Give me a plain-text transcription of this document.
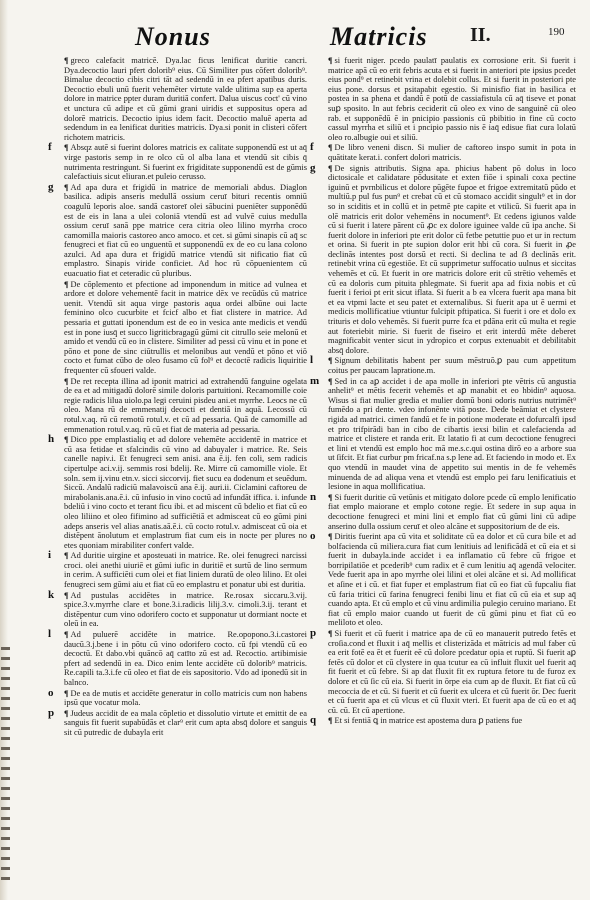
Nonus	Matricis II.	190
¶ greco calefacit matricē. Dya.lac ficus lenificat duritie cancri. Dya.decoctio lauri pfert dolorib⁹ eius. Cū Similiter pus cōfert dolorib⁹. Bimalue decoctio cibis citri tāt ad sedendū in ea pfert apatibus duris. Decoctio ebuli unū fuerit vehemēter virtute valde ulitima sup ea aperta dolore in matrice ppter duram duritiā confert. Dalua uiscus coct' cū vino et unctura cū adipe et cū gūmi grani uiridis et suppositus opera ad dolorē matricis. Decoctio ipius idem facit. Decoctio maluē aperta ad sedendum in ea lenificat durities matricis. Dya.si ponit in clisteri cōfert richotem matricis.
f ¶ Absqz autē si fuerint dolores matricis ex calitate supponendū est ut aq̄ virge pastoris semp in re olco cū ol alba lana et vtendū sit cibis q̄ nutrimenta restringunt. Si fuerint ex frigiditate supponendū est de gūmis calefactiuis sicut eliuran.et puleio cerusso.
g ¶ Ad apa dura et frigidū in matrice de memoriali abdus. Diaglon basilica. adipis anseris medullā ossium ceruī bituri recentis omniū coagulū leporis aloe. sandā castoreī olei sābucini pueniēter supponēdū est de eis in lana a ulei coloniā vtendū est ad vulvē cuius medulla ossium ceruī sanā ppe matrice cera citria oleo lilino myrrha croco camomilla maioris castoreo anco amoco. et cet. si gūmi sinapis cū aq̄ sc fenugreci et fiat cū eo unguentū et supponendū ex de eo cu lana colono azulci. Ad apa dura et frigidū matrice vtendū sit nificatio fiat cū emplastro. Sinapis viride conficiet. Ad hoc rū cōpuenientem cū euacuatio fiat et ceteradic cū pluribus.
¶ De cōplemento et pfectione ad imponendum in mitice ad vulnea et ardore et dolore vehementē facit in matrice dēx ve recūdūs cū matrice uenit. Vtendū sit aqua virge pastoris aqua ordei albūne oui lacte feminino olco cucurbite et fcicf albo et fiat clistere in matrice. Ad pessaria et guttati iponendum est de eo in vesica ante medicis et vendū est in pone iusq̄ et succo ligriticbragagū gūmi cit citrullo seie melonū et amido et vendū cū eo in clistere. Similiter ad pessi cū vinu et in pone et pōno et pone de sinc ciūtrullis et melonibus aut vendū et pōno et viō cocto et fumat cūbo de oleo fusamo cū fol⁹ et decoctē radicis liquiritie frequenter cū sfoueri valde.
¶ De ret recepta illina ad iponit matrici ad extrahendū fanguine ogelata de ea et ad mitigadū dolorē simile doloris partuitioni. Recamomille coie regie radicis lilua uiolo.pa legi ceruini pisdeu ani.et myrrhe. Leocs ne cū oleo. Mana rū de emmenatij decocti et dentiā in aquā. Lecossū cū rotul.v.aq. rū cū remotū rotul.v. et cū ad pessaria. Quā de camomille ad emmenation rotul.v.aq. rū cū et fiat de materia ad pessaria.
h ¶ Dico ppe emplastialiq et ad dolore vehemēte accidentē in matrice et cū asa fetidae et sfalcindis cū vino ad dabuyaler i matrice. Re. Seis canelle napiv.i. Et fenugreci sem anisi. ana ē.ij. fen coli, sem radicis cipertulpe aci.v.ij. semmis rosi bdelij. Re. Mirre cū camomille viole. Et soln. sem ij.vinu etn.v. sicci siccorvij. fiet sucu ea dodenum et seuēdum. Siccū. Andalū radiciū malavoiscū ana ē.ij. auri.ii. Ciclamini caftoreu de mirabolanis.ana.ē.i. cū infusio in vino coctū ad infundāt iffica. i. infunde bdeliū i vino cocto et terant ficu ibi. et ad miscent cū bdelio et fiat cū eo oleo liliino et oleo fifimino ad sufficiētiā et admisceat cū eo gūmi pini adeps anseris vel alias anatis.aā.ē.i. cū cocto rotul.v. admisceat cū oia et distēpent ānolutum et emplastrum fiat cum eis in nocte per plures no etes quoniam mirabiliter confert valde.
i ¶ Ad duritie uirgine et aposteuati in matrice. Re. olei fenugreci narcissi croci. olei anethi uiuriē et gūmi iufic in duritiē et surtū de lino sermum in cerim. A sufficiēti cum olei et fiat liniem duratū de oleo lilino. Et olei fenugreci sem gūmi aiu et fiat cū eo emplastru et ponatur ubi est duritia.
k ¶ Ad pustulas accidētes in matrice. Re.rosax siccaru.3.vij. spice.3.v.myrrhe clare et bone.3.i.radicis lilij.3.v. cimoli.3.ij. terant et distēpentur cum vino odorifero cocto et supponatur ut dormiant nocte et oleū in ea.
l ¶ Ad puluerē accidēte in matrice. Re.opopono.3.i.castorei daucū.3.j.bene i in pōtu cū vino odorifero cocto. cū fpi vtendū cū eo decoctū. Et dabo.vbi quāncō aq̄ catīto zū est ad. Recoctio. artibimisie pfert ad sedendū in ea. Dico enim lente accidēte cū dolorib⁹ matricis. Re.capili ta.3.i.fe cū oleo et fiat de eis sapositorio. Vdo ad iponedū sit in balnco.
o ¶ De ea de mutis et accidēte generatur in collo matricis cum non habens ipsū que vocatur mola.
p ¶ Judeus accidit de ea mala cōpletio et dissolutio virtute et emittit de ea sanguis fit fuerit supabūdās et clar⁹ erit cum apta absq̄ dolore et sanguis sit cū putredic de dubayla erit
¶ si fuerit niger. pcedo paulatī paulatis ex corrosione erit. Si fuerit i matrice apā cū eo erit febris acuta et si fuerit in anteriori pte ipsius pcedet eius pond⁹ et retinebit vrina et dolebit collus. Et si fuerit in posteriori pte eius pone. dorsus et psitapabit egestio. Si minisfio fiat in basilica et postea in sa phena et dandū ē potū de cassiafistula cū aq̄ tiseve et ponat suꝑ sposito. In aut febris ceciderit cū oleo ex vino de sanguinē cū oleo rab. et supponēdū ē in pnicipio passionis cū pbibitio in fine cū cocto cassul myrrha et siliū et i pncipio passio nis ē iaq̄ edisue fiat cura lolatū oleo ro.albugie oui et siliū.
f ¶ De libro veneni discn. Si mulier de caftoreo inspo sumit in pota in quātitate kerat.i. confert dolori matricis.
g ¶ De signis attributis. Signa apa. phicius habent pō dolus in loco dictosicale et calidatare pōdusitate et exten fiōe i spinali coxa pectine iguinū et pvrnbilicus et dolore pūgēte fupoe et frigoe extremitatū pūdo et multiū.p pul fus pun⁹ et crebat cū et cū stomaco accidit singult⁹ et in dor so in sciditis et in collū et in petmē pte capite et vtilicū. Si fuerit apa in olē matricis erit dolor vehemēns in nocument⁹. Et cedens igiunos valde cū si fuerit i latere pārent cū ꝓc ex dolore iguinee valde cū ipa anche. Si fuerit dolore in inferiori pte erit dolor cū fetbe petuttie puo et ur in rectum et orina. Si fuerit in pte supion dolor erit hbi cū cora. Si fuerit in ꝓe declinās intentes post dorsū et recti. Si declina te ad ẞ declinās erit. retinebit vrina cū egestiōe. Et cū supprimetur suffocatio uulnus et siccitas vehemēs et cū. Et fuerit in ore matricis dolore erit cū strētio vehemēs et cū ea doloris cum pituita phlegmate. Si fuerit apa ad fixia nobis et cū fuerit i ferioi pt erit sicut iflata. Si fuerit a b ea vlcera fuerit apa mana bit et ea vtpmi lacte et seu patet et externalibus. Si fuerit apa ut ē uermi et medicis mollificatiue vtiuntur fulcipit pftipatica. Si fuerit i ore et dolo ex trituris et dolo vehemēs. Si fuerit purre fca et pdāna erit cū multa et regie aut foteriebit mirie. Si fuerit de fiseiro et erit interdū mēte deberet magnificabit venter sicut in ydropico et corpus extenuabit et debilitabit absq̄ dolore.
l ¶ Signum debilitatis habent per suum mēstruō.ꝑ pau cum appetitum coitus per paucam lapratione.m.
m ¶ Sed in ca aꝑ accidet i de apa molle in inferiori pte vētris cū angustia anhelit⁹ et mētis fecerit vehemēs et aꝑ manabit et eo hbidin⁹ aquosa. Wisus si fiat mulier gredia et mulier domū boni odoris nutrius nutrimēt⁹ fumēdo a pri dente. vdeo infonēnte vitā poste. Dede beāmiat et clystere rigida ad matrici. cimen fandū et fe in potione moderate et dofurcalfi ipsd et pro trifpirādi ban in cibo de cibartis iexsi bilin et calefacienda ad matrice et clistere et randa erit. Et latatio fi at cum decoctione fenugreci et lini et vtendū est emplo hoc mā me.s.c.qui ostina dirō eo a arbore sua ut ſifcit. Et fiat curbur pm fricaf.na s.p lene ad. Et faciendo in modo et. Ex quo vtendū in maudet vina de appetito sui mentis in de fe vehemēs minuenda de ad aliqua vena et vtendū est emplo pei faru lenificatiuis et lesione in aqua mollificatiua.
n ¶ Si fuerit duritie cū vetūnis et mitigato dolore pcede cū emplo lenificatio fiat emplo maiorane et emplo cotone regie. Et sedere in sup aqua in decoctione fenugreci et mini lini et emplo fiat cū gūmi lini cū adipe anserino dulla ossium ceruī et oleo alcāne et suppositorium de de eis.
o ¶ Diritis fuerint apa cū vita et soliditate cū ea dolor et cū cura bile et ad bolfacienda cū miliera.cura fiat cum lenitiuis ad lenificādā et cū eia et si fuerit in dubayla.inde accidet i ea inflamatio cū febre cū frigoe et borripilatiōe et pcederib⁹ cum radix et ē cum lenitiu aq̄ agendā velociter. Vede fuerit apa in apo myrrhe olei lilini et olei alcāne et si. Ad mollificat et aſine et i cū. et fiat fuper et emplastrum fiat cū eo fiat cū fupcaliu fiat cū faria tritici cū farina fenugreci fenibi linu et fiat cū cū eia et sup aq̄ cuando apta. Et cū emplo et cū vinu ardimilia pulegio ceruino mariano. Et fiat cū emplo maior cuando ut fuerit de cū gūmi pinu et fiat cū eo meliloto et oleo.
p ¶ Si fuerit et cū fuerit i matrice apa de cū eo manauerit putredo fetēs et croſia.cond et fluxit i aq̄ mellis et clisterizāda et mātricis ad mul faber cū ea erit fotē ea ēt et fuerit eē cū dolore pcedatur opia et ruptū. Si fuerit aꝑ fetēs cū dolor et cū clystere in qua tcutur ea cū influit fluxit uel fuerit aq̄ fit fuerit et cū febre. Si ap dat fluxit fit ex ruptura fetore tu de furoz ex dolore et cū ſic cū eia. Si fuerit in ōrpe eia cum ap de fluxit. Et fiat cū cū mecoccia de et cū. Si fuerit et cū fuerit ex ulcera et cū fuerit ōr. Dec fuerit et cū fuerit apa et cū vlcus et cū fluxit vteri. Et fuerit apa de cū eo et aq̄ cū. cū. Et cū apertione.
q ¶ Et si fentiā ꝗ in matrice est apostema dura ꝑ patiens fue
